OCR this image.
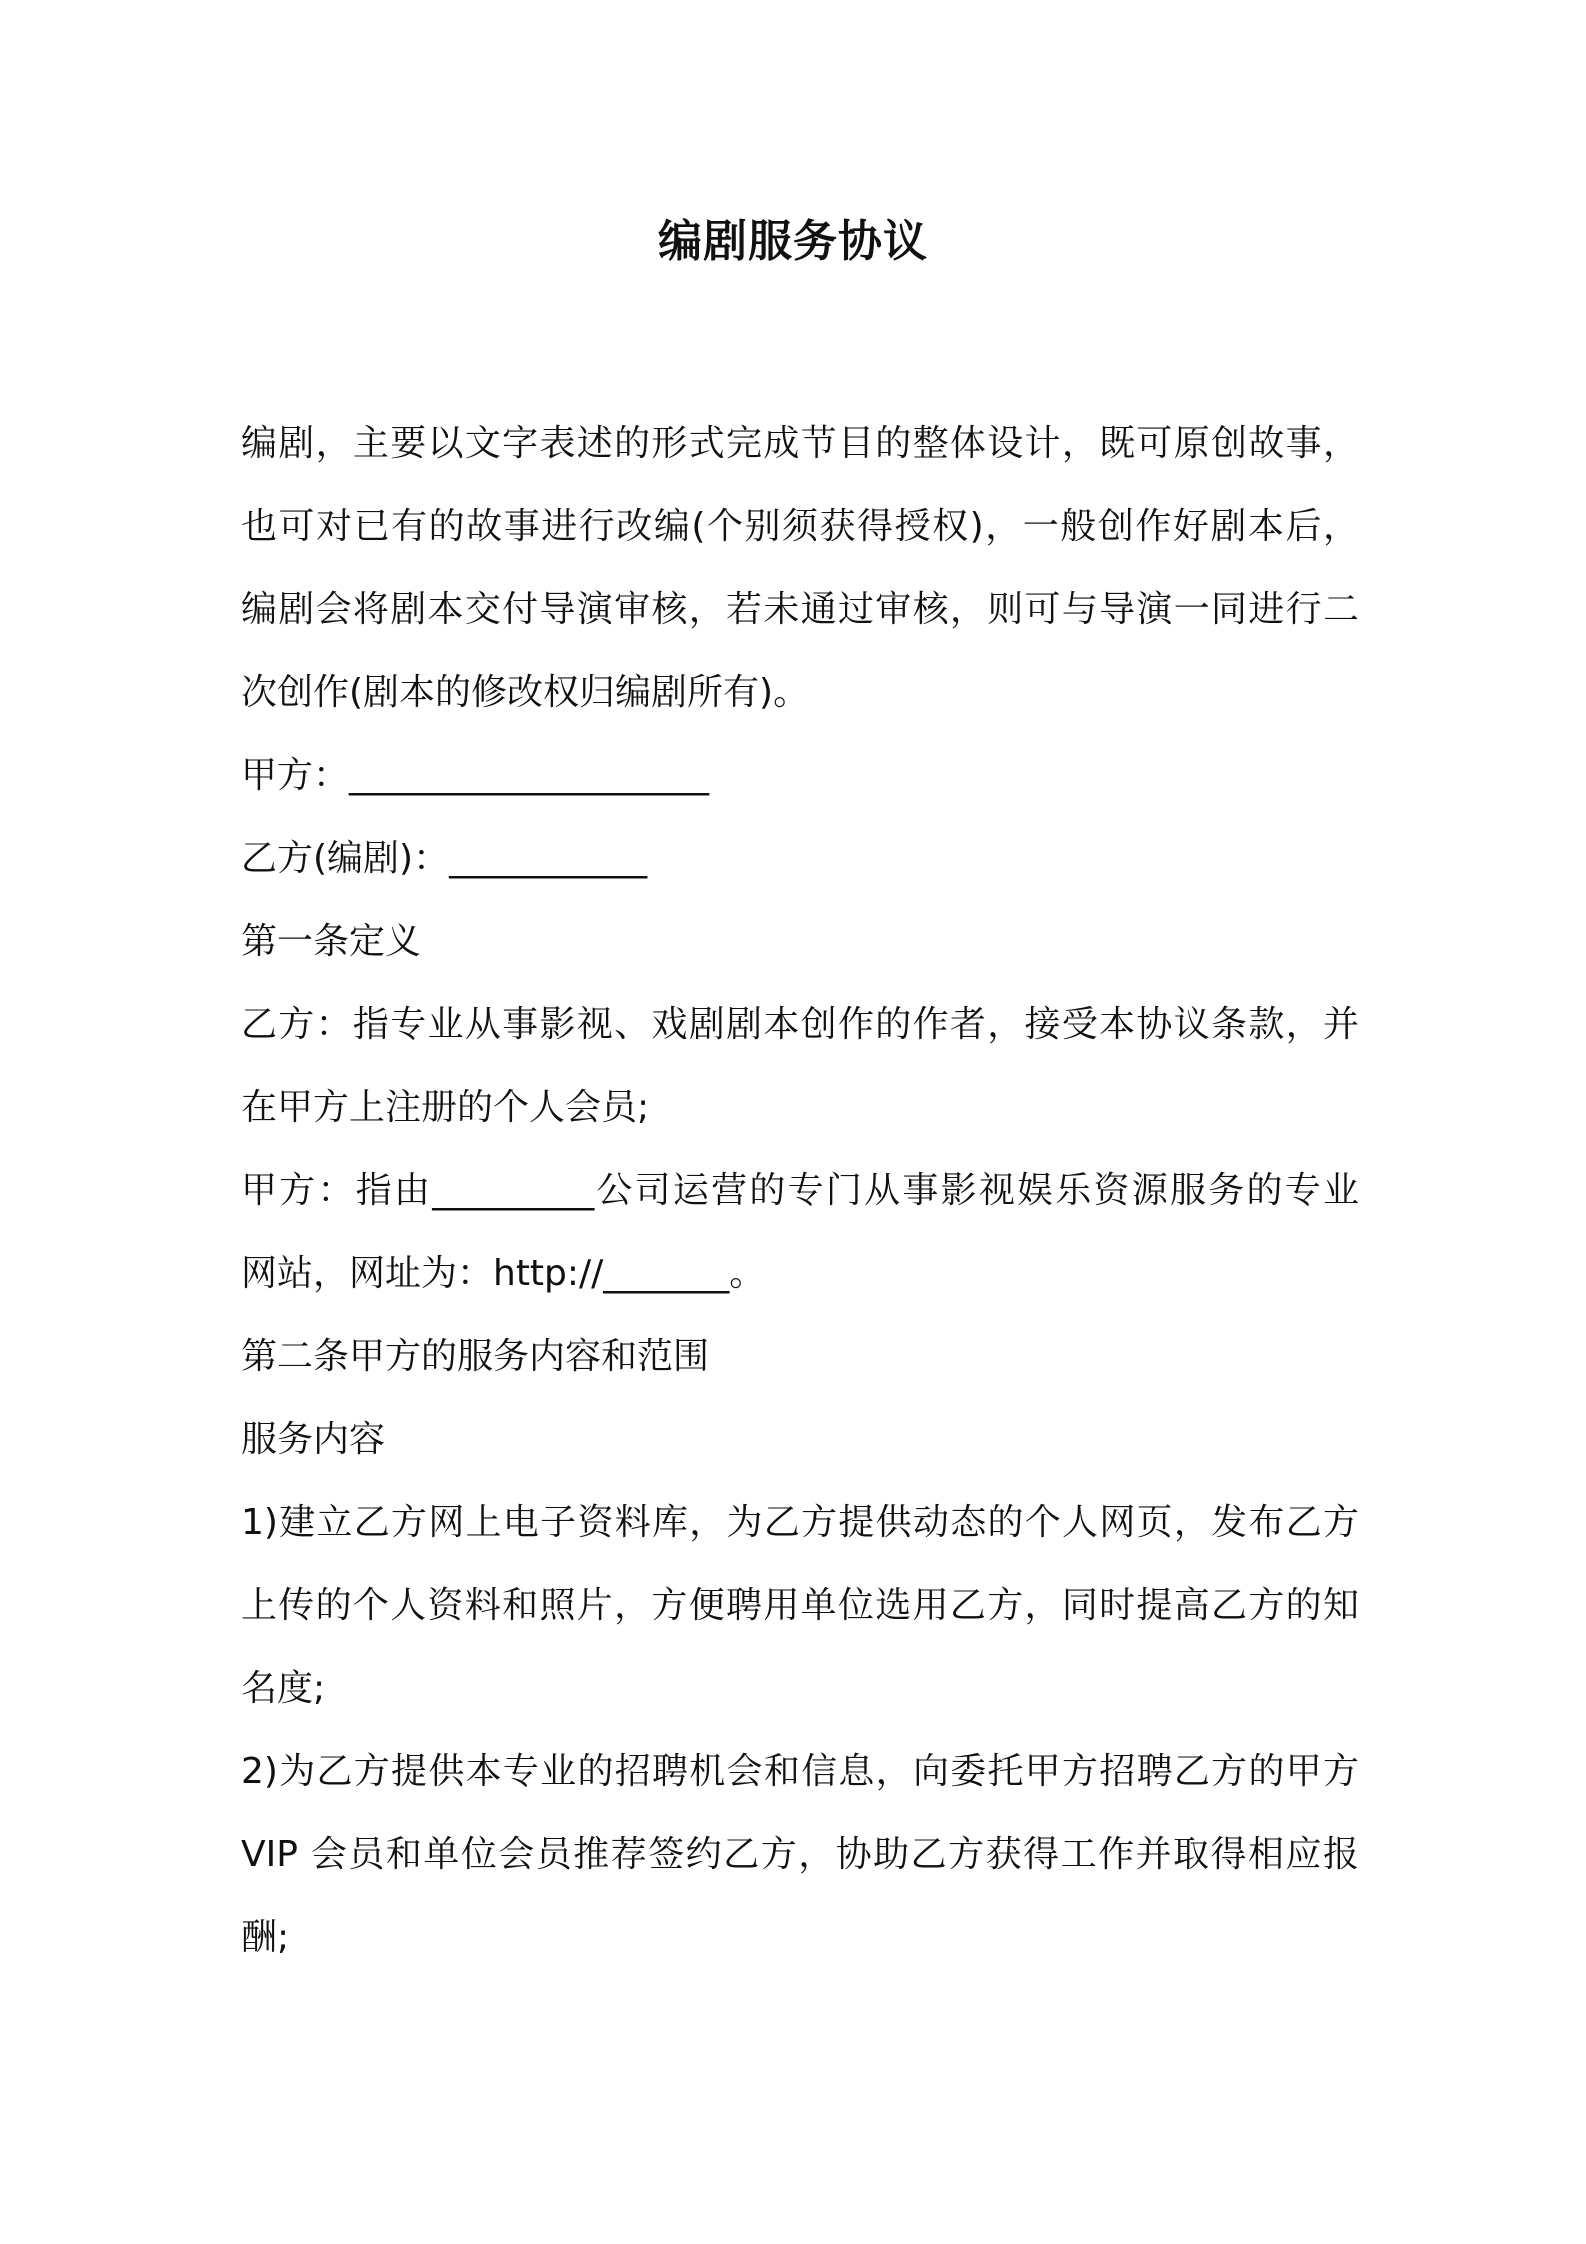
编剧服务协议
编剧，主要以文字表述的形式完成节目的整体设计，既可原创故事，
也可对已有的故事进行改编(个别须获得授权)，一般创作好剧本后，
编剧会将剧本交付导演审核，若未通过审核，则可与导演一同进行二
次创作(剧本的修改权归编剧所有)。
甲方：____________________
乙方(编剧)：___________
第一条定义
乙方：指专业从事影视、戏剧剧本创作的作者，接受本协议条款，并
在甲方上注册的个人会员;
甲方：指由_________公司运营的专门从事影视娱乐资源服务的专业
网站，网址为：http://_______。
第二条甲方的服务内容和范围
服务内容
1)建立乙方网上电子资料库，为乙方提供动态的个人网页，发布乙方
上传的个人资料和照片，方便聘用单位选用乙方，同时提高乙方的知
名度;
2)为乙方提供本专业的招聘机会和信息，向委托甲方招聘乙方的甲方
VIP 会员和单位会员推荐签约乙方，协助乙方获得工作并取得相应报
酬;
